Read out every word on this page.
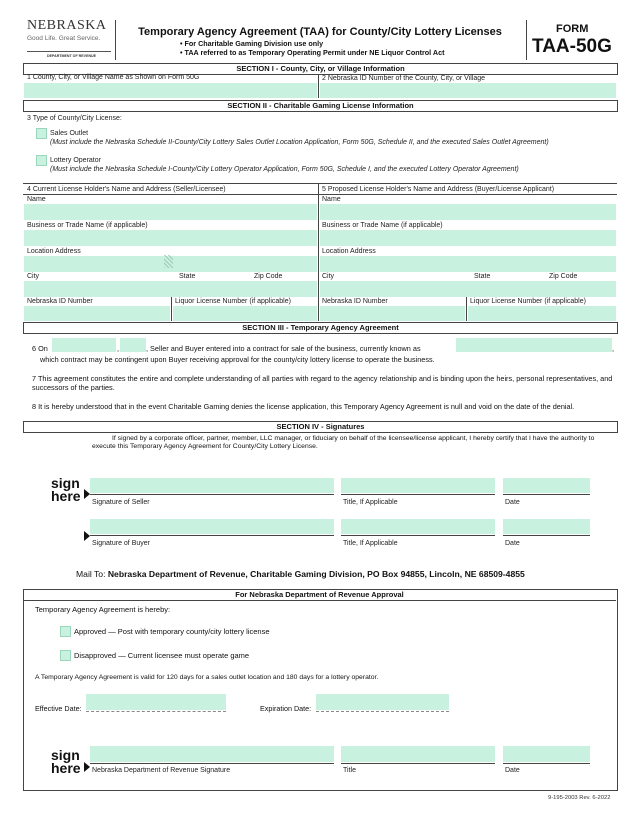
NEBRASKA
Good Life. Great Service.
DEPARTMENT OF REVENUE
Temporary Agency Agreement (TAA) for County/City Lottery Licenses
• For Charitable Gaming Division use only
• TAA referred to as Temporary Operating Permit under NE Liquor Control Act
FORM
TAA-50G
SECTION I - County, City, or Village Information
1 County, City, or Village Name as Shown on Form 50G	2 Nebraska ID Number of the County, City, or Village
SECTION II - Charitable Gaming License Information
3 Type of County/City License:
Sales Outlet
(Must include the Nebraska Schedule II-County/City Lottery Sales Outlet Location Application, Form 50G, Schedule II, and the executed Sales Outlet Agreement)
Lottery Operator
(Must include the Nebraska Schedule I-County/City Lottery Operator Application, Form 50G, Schedule I, and the executed Lottery Operator Agreement)
4 Current License Holder's Name and Address (Seller/Licensee)	5 Proposed License Holder's Name and Address (Buyer/License Applicant)
Name
Business or Trade Name (if applicable)
Location Address
City	State	Zip Code
Nebraska ID Number	Liquor License Number (if applicable)
Name
Business or Trade Name (if applicable)
Location Address
City	State	Zip Code
Nebraska ID Number	Liquor License Number (if applicable)
SECTION III - Temporary Agency Agreement
6 On	,	, Seller and Buyer entered into a contract for sale of the business, currently known as	,
which contract may be contingent upon Buyer receiving approval for the county/city lottery license to operate the business.
7 This agreement constitutes the entire and complete understanding of all parties with regard to the agency relationship and is binding upon the heirs, personal representatives, and successors of the parties.
8 It is hereby understood that in the event Charitable Gaming denies the license application, this Temporary Agency Agreement is null and void on the date of the denial.
SECTION IV - Signatures
If signed by a corporate officer, partner, member, LLC manager, or fiduciary on behalf of the licensee/license applicant, I hereby certify that I have the authority to execute this Temporary Agency Agreement for County/City Lottery License.
sign
here Signature of Seller	Title, If Applicable	Date
Signature of Buyer	Title, If Applicable	Date
Mail To: Nebraska Department of Revenue, Charitable Gaming Division, PO Box 94855, Lincoln, NE 68509-4855
For Nebraska Department of Revenue Approval
Temporary Agency Agreement is hereby:
Approved — Post with temporary county/city lottery license
Disapproved — Current licensee must operate game
A Temporary Agency Agreement is valid for 120 days for a sales outlet location and 180 days for a lottery operator.
Effective Date:	Expiration Date:
sign
here Nebraska Department of Revenue Signature	Title	Date
9-195-2003 Rev. 6-2022
